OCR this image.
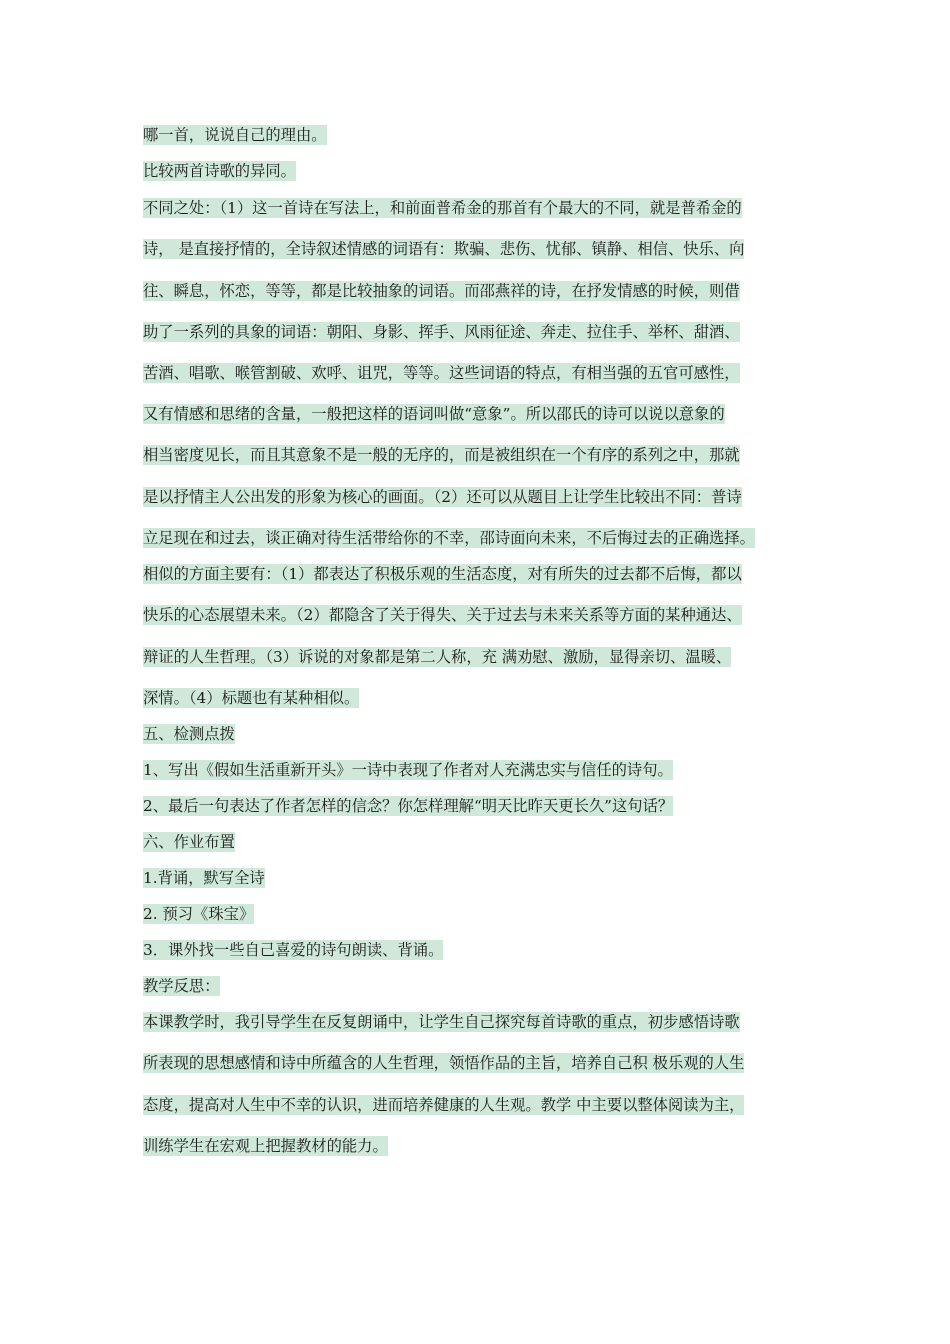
哪一首，说说自己的理由。

比较两首诗歌的异同。

不同之处：（1）这一首诗在写法上，和前面普希金的那首有个最大的不同，就是普希金的

诗， 是直接抒情的，全诗叙述情感的词语有：欺骗、悲伤、忧郁、镇静、相信、快乐、向

往、瞬息，怀恋，等等，都是比较抽象的词语。而邵燕祥的诗，在抒发情感的时候，则借

助了一系列的具象的词语：朝阳、身影、挥手、风雨征途、奔走、拉住手、举杯、甜酒、

苦酒、唱歌、喉管割破、欢呼、诅咒，等等。这些词语的特点，有相当强的五官可感性，

又有情感和思绪的含量，一般把这样的语词叫做“意象”。所以邵氏的诗可以说以意象的

相当密度见长，而且其意象不是一般的无序的，而是被组织在一个有序的系列之中，那就

是以抒情主人公出发的形象为核心的画面。（2）还可以从题目上让学生比较出不同：普诗

立足现在和过去，谈正确对待生活带给你的不幸，邵诗面向未来，不后悔过去的正确选择。

相似的方面主要有：（1）都表达了积极乐观的生活态度，对有所失的过去都不后悔，都以

快乐的心态展望未来。（2）都隐含了关于得失、关于过去与未来关系等方面的某种通达、

辩证的人生哲理。（3）诉说的对象都是第二人称，充 满劝慰、激励，显得亲切、温暖、

深情。（4）标题也有某种相似。

五、检测点拨

1、写出《假如生活重新开头》一诗中表现了作者对人充满忠实与信任的诗句。

2、最后一句表达了作者怎样的信念？你怎样理解“明天比昨天更长久”这句话？

六、作业布置

1.背诵，默写全诗

2. 预习《珠宝》

3．课外找一些自己喜爱的诗句朗读、背诵。

教学反思：

本课教学时，我引导学生在反复朗诵中，让学生自己探究每首诗歌的重点，初步感悟诗歌

所表现的思想感情和诗中所蕴含的人生哲理，领悟作品的主旨，培养自己积 极乐观的人生

态度，提高对人生中不幸的认识，进而培养健康的人生观。教学 中主要以整体阅读为主，

训练学生在宏观上把握教材的能力。
